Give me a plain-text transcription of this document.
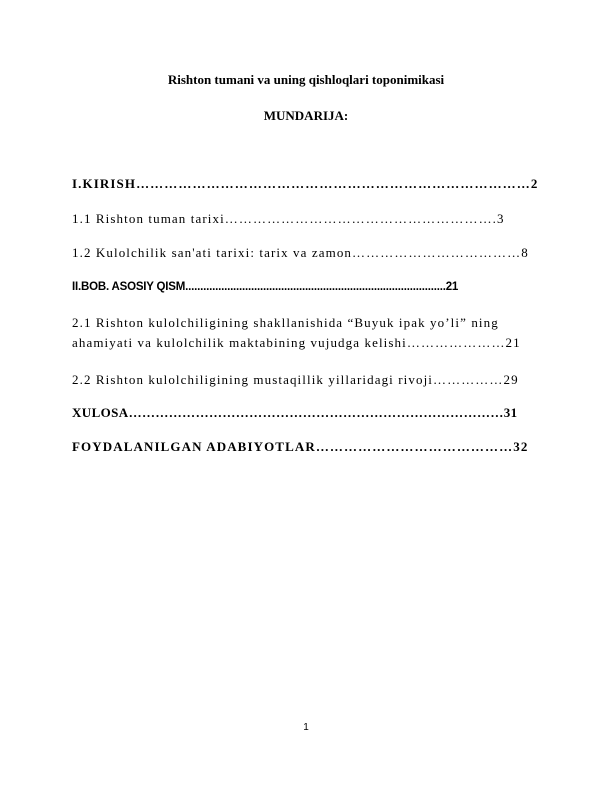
Rishton tumani va uning qishloqlari toponimikasi

MUNDARIJA:

I.KIRISH…………………………………………………………………………2
1.1 Rishton tuman tarixi………………………………………………….3
1.2 Kulolchilik san'ati tarixi: tarix va zamon………………………………8
II.BOB. ASOSIY QISM.......................................................................................21
2.1 Rishton kulolchiligining shakllanishida “Buyuk ipak yo’li” ning
ahamiyati va kulolchilik maktabining vujudga kelishi…………………21
2.2 Rishton kulolchiligining mustaqillik yillaridagi rivoji……………29
XULOSA…………………………………………………………………………31
FOYDALANILGAN ADABIYOTLAR……………………………………32
1
